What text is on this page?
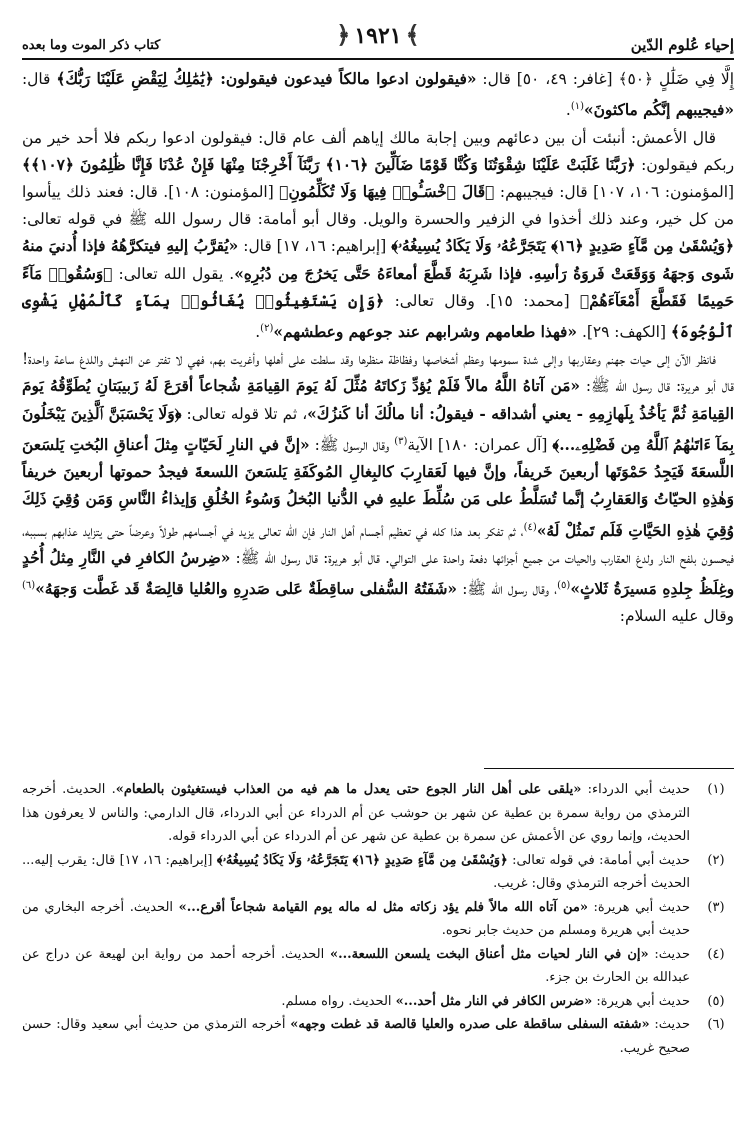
إحياء عُلوم الدّين
﴾١٩٢١﴿
كتاب ذكر الموت وما بعده

إِلَّا فِي ضَلَٰلٍ ﴿٥٠﴾ [غافر: ٤٩، ٥٠] قال: «فيقولون ادعوا مالكاً فيدعون فيقولون: ﴿يَٰمَٰلِكُ لِيَقْضِ عَلَيْنَا رَبُّكَ﴾ قال: «فيجيبهم إنَّكُم ماكثونَ»$^{(١)}$.

قال الأعمش: أنبئت أن بين دعائهم وبين إجابة مالك إياهم ألف عام قال: فيقولون ادعوا ربكم فلا أحد خير من ربكم فيقولون: ﴿رَبَّنَا غَلَبَتْ عَلَيْنَا شِقْوَتُنَا وَكُنَّا قَوْمًا ضَآلِّينَ ﴿١٠٦﴾ رَبَّنَآ أَخْرِجْنَا مِنْهَا فَإِنْ عُدْنَا فَإِنَّا ظَٰلِمُونَ ﴿١٠٧﴾﴾ [المؤمنون: ١٠٦، ١٠٧] قال: فيجيبهم: ﴿قَالَ ٱخْسَـُٔوا۟ فِيهَا وَلَا تُكَلِّمُونِ﴾ [المؤمنون: ١٠٨]. قال: فعند ذلك ييأسوا من كل خير، وعند ذلك أخذوا في الزفير والحسرة والويل. وقال أبو أمامة: قال رسول الله ﷺ في قوله تعالى: ﴿وَيُسْقَىٰ مِن مَّآءٍ صَدِيدٍ ﴿١٦﴾ يَتَجَرَّعُهُۥ وَلَا يَكَادُ يُسِيغُهُۥ﴾ [إبراهيم: ١٦، ١٧] قال: «يُقرَّبُ إليهِ فيتكرَّهُهُ فإذا أُدنيَ منهُ شَوى وَجهَهُ وَوَقَعَتْ فَروَةُ رَأسِهِ. فإذا شَرِبَهُ قَطَّعَ أمعاءَهُ حَتَّى يَخرُجَ مِن دُبُرِهِ». يقول الله تعالى: ﴿وَسُقُوا۟ مَآءً حَمِيمًا فَقَطَّعَ أَمْعَآءَهُمْ﴾ [محمد: ١٥]. وقال تعالى: ﴿وَإِن يَسْتَغِيثُوا۟ يُغَاثُوا۟ بِمَآءٍ كَٱلْمُهْلِ يَشْوِى ٱلْوُجُوهَ﴾ [الكهف: ٢٩]. «فهذا طعامهم وشرابهم عند جوعهم وعطشهم»$^{(٢)}$.

فانظر الآن إلى حيات جهنم وعقاربها وإلى شدة سمومها وعظم أشخاصها وفظاظة منظرها وقد سلطت على أهلها وأغريت بهم، فهي لا تفتر عن النهش واللدغ ساعة واحدة! قال أبو هريرة: قال رسول الله ﷺ: «مَن آتاهُ اللَّهُ مالاً فَلَمْ يُؤدِّ زَكاتَهُ مُثِّلَ لَهُ يَومَ القِيامَةِ شُجاعاً أقرَعَ لَهُ زَبيبَتانِ يُطَوِّقُهُ يَومَ القِيامَةِ ثُمَّ يَأخُذُ بِلَهازِمِهِ - يعني أشداقه - فيقولُ: أنا مالُكَ أنا كَنزُكَ»، ثم تلا قوله تعالى: ﴿وَلَا يَحْسَبَنَّ ٱلَّذِينَ يَبْخَلُونَ بِمَآ ءَاتَىٰهُمُ ٱللَّهُ مِن فَضْلِهِۦ...﴾ [آل عمران: ١٨٠] الآية$^{(٣)}$ وقال الرسول ﷺ: «إنَّ في النارِ لَحَيّاتٍ مِثلَ أعناقِ البُختِ يَلسَعنَ اللَّسعَةَ فَيَجِدُ حَمْوَتَها أربعينَ خَريفاً، وإنَّ فيها لَعَقارِبَ كالبِغالِ المُوكَفَةِ يَلسَعنَ اللسعةَ فيجدُ حموتها أربعينَ خريفاً وَهٰذِهِ الحيّاتُ وَالعَقارِبُ إنَّما تُسَلَّطُ على مَن سُلِّطَ عليهِ في الدُّنيا البُخلُ وَسُوءُ الخُلُقِ وَإيذاءُ النَّاسِ وَمَن وُقِيَ ذَلِكَ وُقِيَ هٰذِهِ الحَيَّاتِ فَلَم تَمثُلْ لَهُ»$^{(٤)}$، ثم تفكر بعد هذا كله في تعظيم أجسام أهل النار فإن الله تعالى يزيد في أجسامهم طولاً وعرضاً حتى يتزايد عذابهم بسببه، فيحسون بلفح النار ولدغ العقارب والحيات من جميع أجزائها دفعة واحدة على التوالي. قال أبو هريرة: قال رسول الله ﷺ: «ضِرسُ الكافرِ في النَّارِ مِثلُ أُحُدٍ وغِلَظُ جِلدِهِ مَسيرَةُ ثَلاثٍ»$^{(٥)}$، وقال رسول الله ﷺ: «شَفَتُهُ السُّفلى ساقِطَةٌ عَلى صَدرِهِ والعُليا قالِصَةٌ قَد غَطَّت وَجهَهُ»$^{(٦)}$ وقال عليه السلام:

(١)
حديث أبي الدرداء: «يلقى على أهل النار الجوع حتى يعدل ما هم فيه من العذاب فيستغيثون بالطعام». الحديث. أخرجه الترمذي من رواية سمرة بن عطية عن شهر بن حوشب عن أم الدرداء عن أبي الدرداء، قال الدارمي: والناس لا يعرفون هذا الحديث، وإنما روي عن الأعمش عن سمرة بن عطية عن شهر عن أم الدرداء عن أبي الدرداء قوله.
(٢)
حديث أبي أمامة: في قوله تعالى: ﴿وَيُسْقَىٰ مِن مَّآءٍ صَدِيدٍ ﴿١٦﴾ يَتَجَرَّعُهُۥ وَلَا يَكَادُ يُسِيغُهُۥ﴾ [إبراهيم: ١٦، ١٧] قال: يقرب إليه... الحديث أخرجه الترمذي وقال: غريب.
(٣)
حديث أبي هريرة: «من آتاه الله مالاً فلم يؤد زكاته مثل له ماله يوم القيامة شجاعاً أقرع...» الحديث. أخرجه البخاري من حديث أبي هريرة ومسلم من حديث جابر نحوه.
(٤)
حديث: «إن في النار لحيات مثل أعناق البخت يلسعن اللسعة...» الحديث. أخرجه أحمد من رواية ابن لهيعة عن دراج عن عبدالله بن الحارث بن جزء.
(٥)
حديث أبي هريرة: «ضرس الكافر في النار مثل أحد...» الحديث. رواه مسلم.
(٦)
حديث: «شفته السفلى ساقطة على صدره والعليا قالصة قد غطت وجهه» أخرجه الترمذي من حديث أبي سعيد وقال: حسن صحيح غريب.
